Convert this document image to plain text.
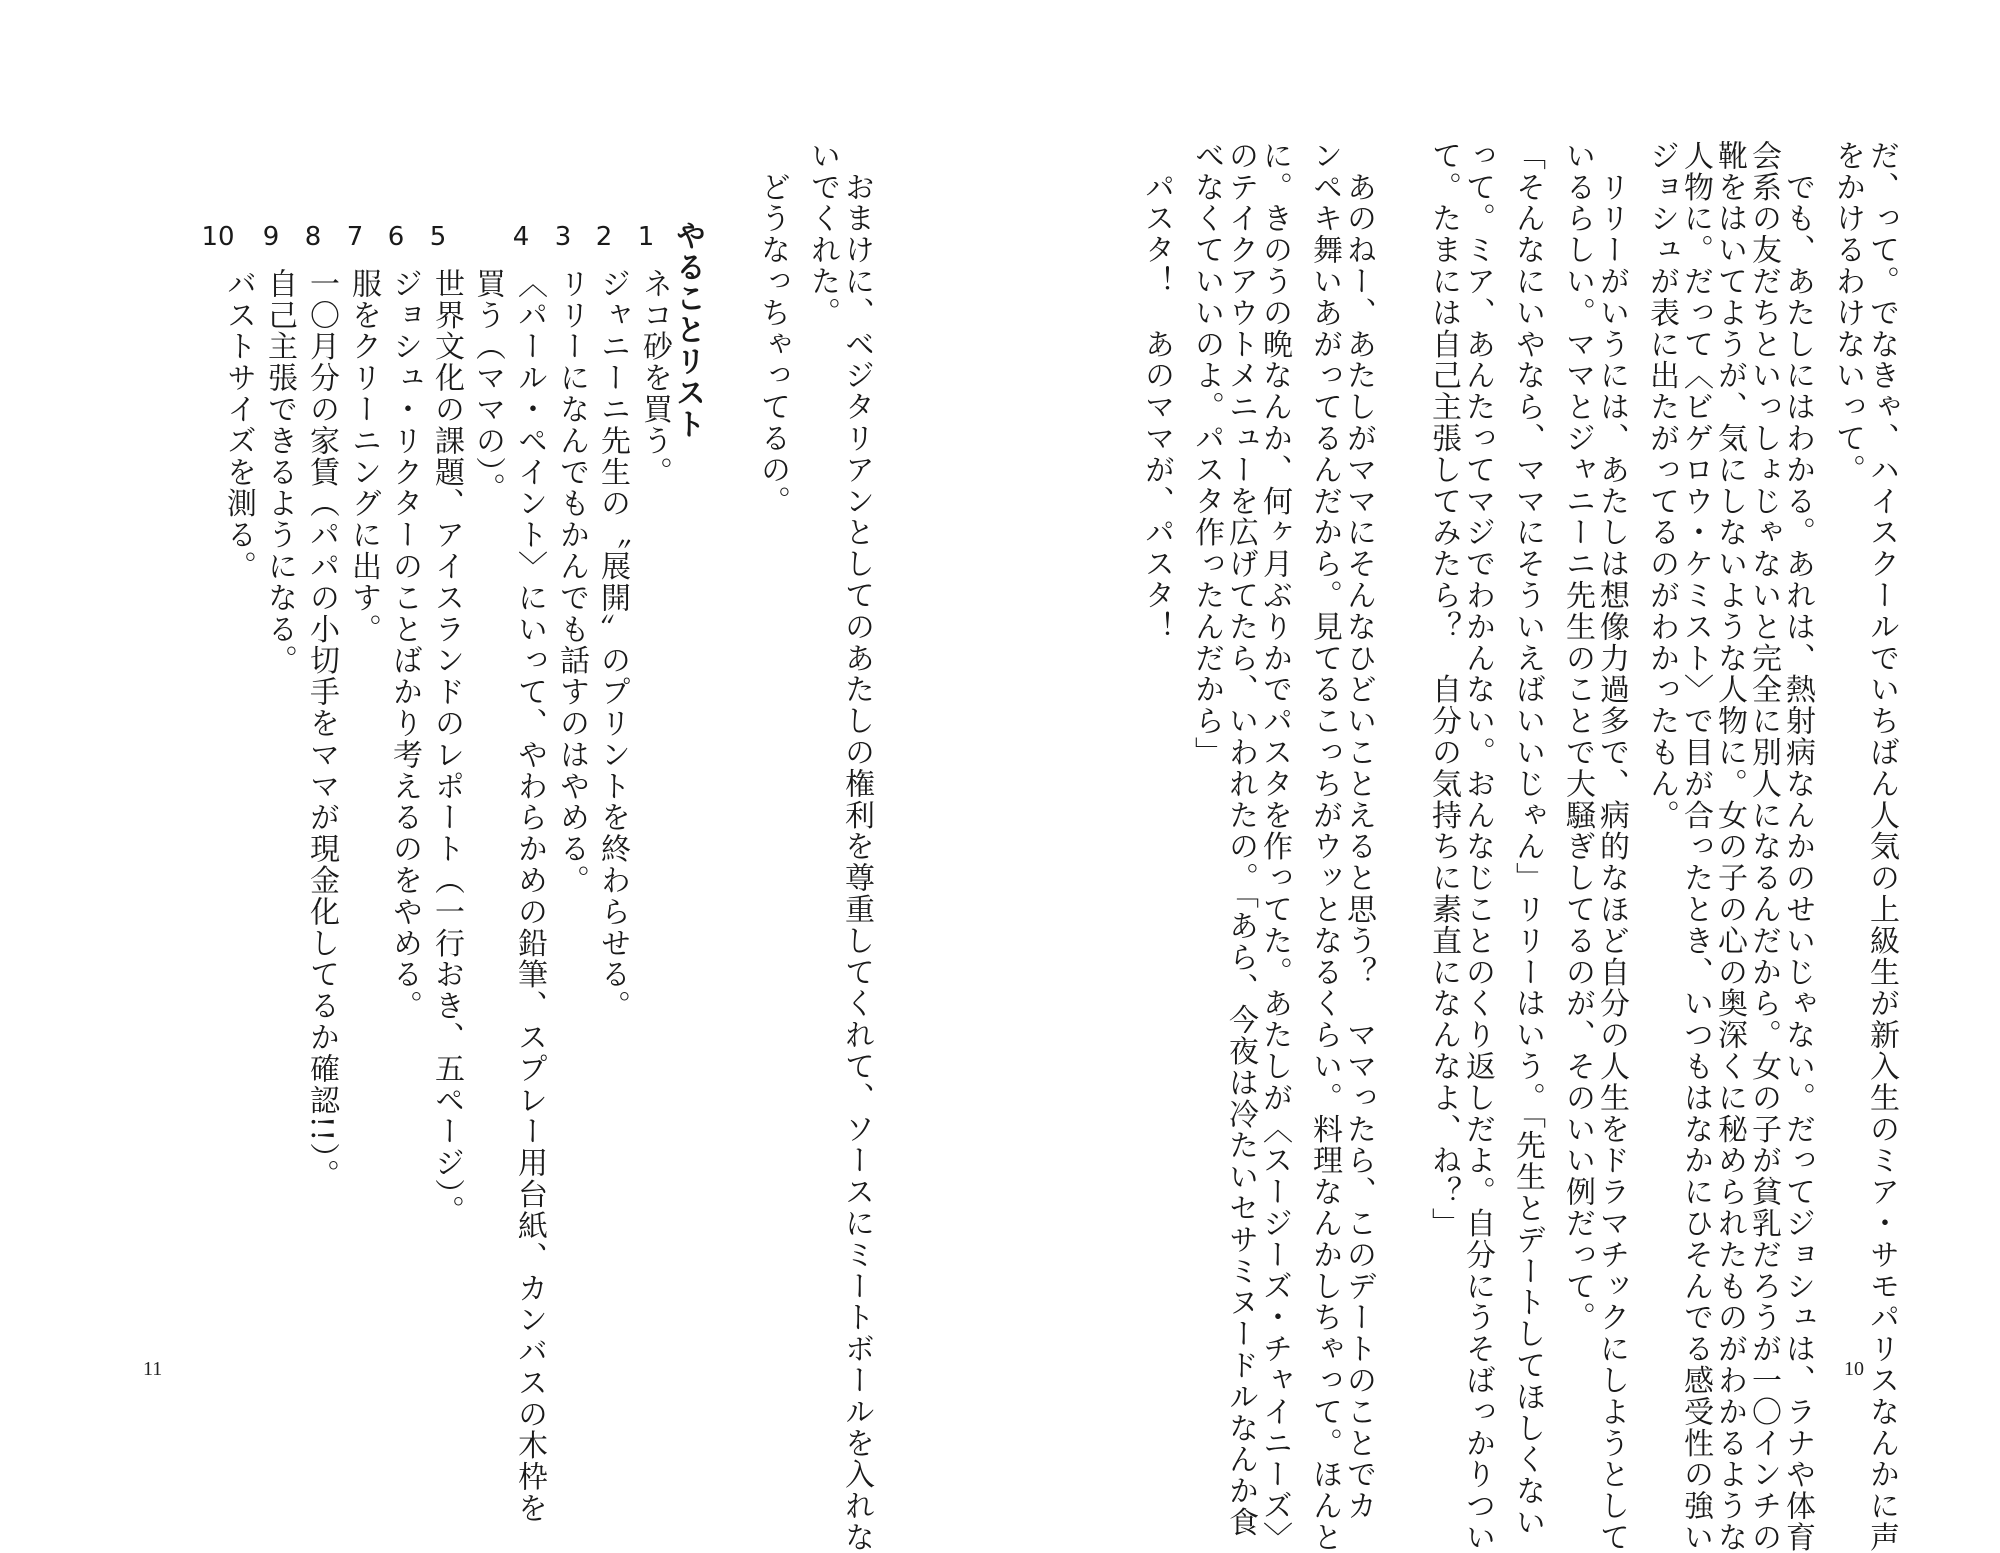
だ、って。でなきゃ、ハイスクールでいちばん人気の上級生が新入生のミア・サモパリスなんかに声
をかけるわけないって。
　でも、あたしにはわかる。あれは、熱射病なんかのせいじゃない。だってジョシュは、ラナや体育
会系の友だちといっしょじゃないと完全に別人になるんだから。女の子が貧乳だろうが一〇インチの
靴をはいてようが、気にしないような人物に。女の子の心の奥深くに秘められたものがわかるような
人物に。だって〈ビゲロウ・ケミスト〉で目が合ったとき、いつもはなかにひそんでる感受性の強い
ジョシュが表に出たがってるのがわかったもん。
　リリーがいうには、あたしは想像力過多で、病的なほど自分の人生をドラマチックにしようとして
いるらしい。ママとジャニーニ先生のことで大騒ぎしてるのが、そのいい例だって。
「そんなにいやなら、ママにそういえばいいじゃん」リリーはいう。「先生とデートしてほしくない
って。ミア、あんたってマジでわかんない。おんなじことのくり返しだよ。自分にうそばっかりつい
て。たまには自己主張してみたら？　自分の気持ちに素直になんなよ、ね？」
　あのねー、あたしがママにそんなひどいことえると思う？　ママったら、このデートのことでカ
ンペキ舞いあがってるんだから。見てるこっちがウッとなるくらい。料理なんかしちゃって。ほんと
に。きのうの晩なんか、何ヶ月ぶりかでパスタを作ってた。あたしが〈スージーズ・チャイニーズ〉
のテイクアウトメニューを広げてたら、いわれたの。「あら、今夜は冷たいセサミヌードルなんか食
べなくていいのよ。パスタ作ったんだから」
　パスタ！　あのママが、パスタ！
10
　おまけに、ベジタリアンとしてのあたしの権利を尊重してくれて、ソースにミートボールを入れな
いでくれた。
　どうなっちゃってるの。
やることリスト
1
2
3
4
5
6
7
8
9
10
ネコ砂を買う。
ジャニーニ先生の〝展開〟のプリントを終わらせる。
リリーになんでもかんでも話すのはやめる。
〈パール・ペイント〉にいって、やわらかめの鉛筆、スプレー用台紙、カンバスの木枠を
買う（ママの）。
世界文化の課題、アイスランドのレポート（一行おき、五ページ）。
ジョシュ・リクターのことばかり考えるのをやめる。
服をクリーニングに出す。
一〇月分の家賃（パパの小切手をママが現金化してるか確認!!）。
自己主張できるようになる。
バストサイズを測る。
11
